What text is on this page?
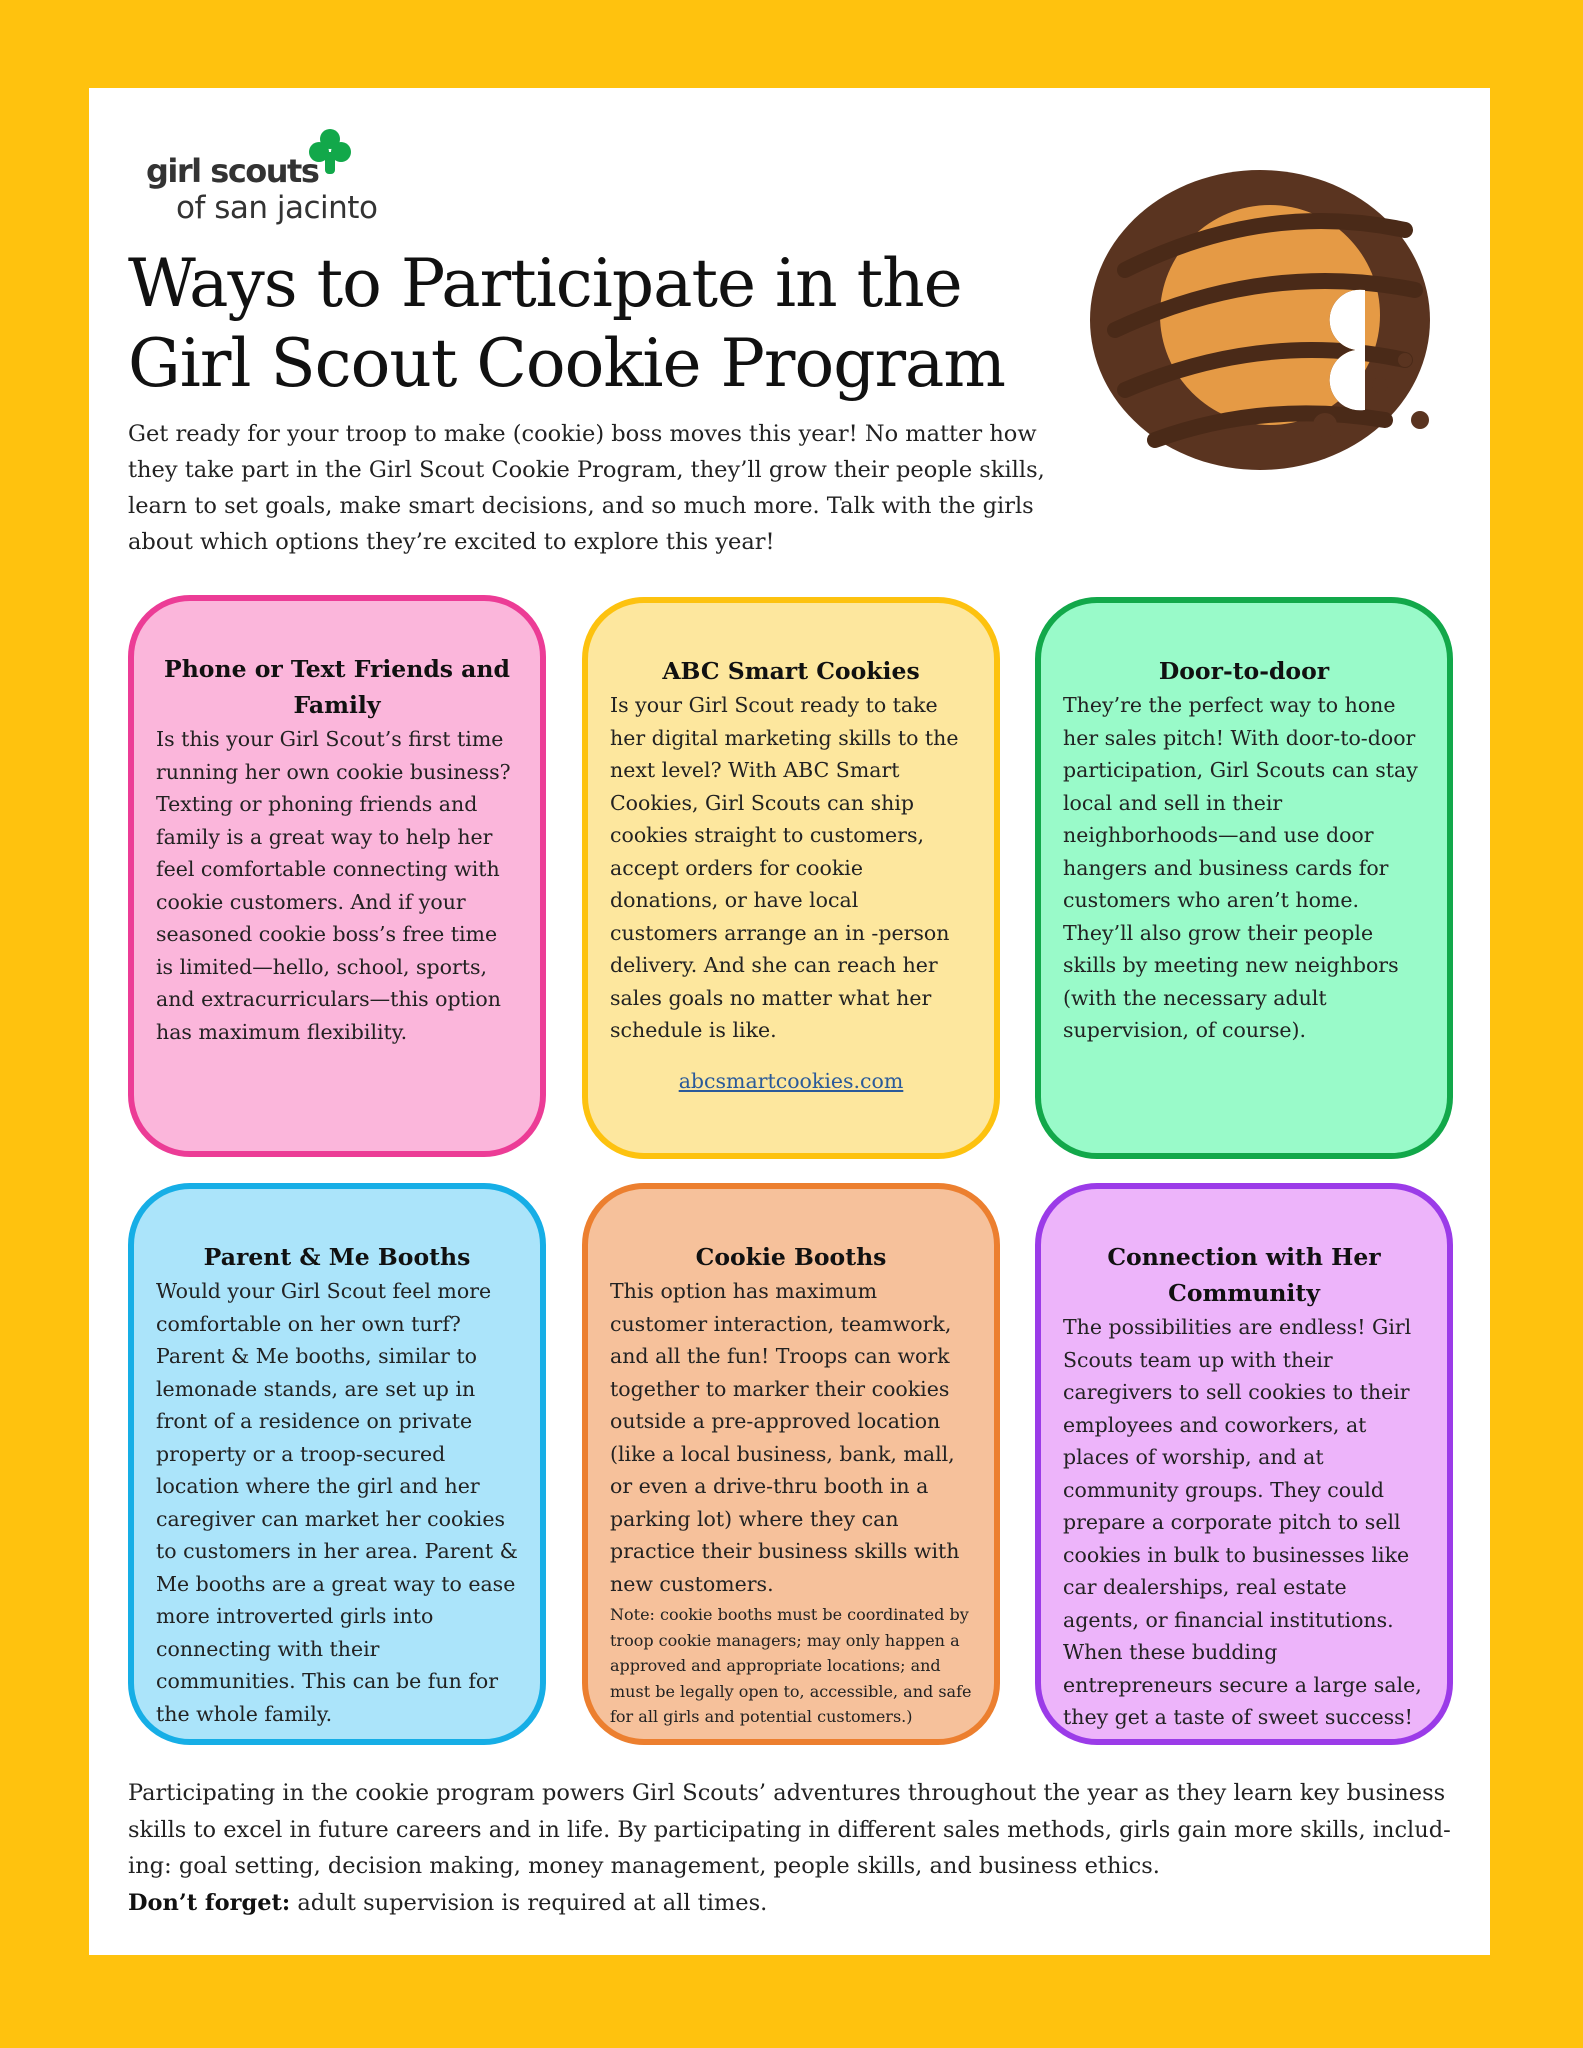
girl scouts
of san jacinto
Ways to Participate in the Girl Scout Cookie Program

Get ready for your troop to make (cookie) boss moves this year! No matter how they take part in the Girl Scout Cookie Program, they’ll grow their people skills, learn to set goals, make smart decisions, and so much more. Talk with the girls about which options they’re excited to explore this year!

Phone or Text Friends and Family

Is this your Girl Scout’s first time running her own cookie business? Texting or phoning friends and family is a great way to help her feel comfortable connecting with cookie customers. And if your seasoned cookie boss’s free time is limited—hello, school, sports, and extracurriculars—this option has maximum flexibility.

ABC Smart Cookies

Is your Girl Scout ready to take her digital marketing skills to the next level? With ABC Smart Cookies, Girl Scouts can ship cookies straight to customers, accept orders for cookie donations, or have local customers arrange an in -person delivery. And she can reach her sales goals no matter what her schedule is like.

abcsmartcookies.com
Door-to-door

They’re the perfect way to hone her sales pitch! With door-to-door participation, Girl Scouts can stay local and sell in their neighborhoods—and use door hangers and business cards for customers who aren’t home. They’ll also grow their people skills by meeting new neighbors (with the necessary adult supervision, of course).

Parent & Me Booths

Would your Girl Scout feel more comfortable on her own turf? Parent & Me booths, similar to lemonade stands, are set up in front of a residence on private property or a troop-secured location where the girl and her caregiver can market her cookies to customers in her area. Parent & Me booths are a great way to ease more introverted girls into connecting with their communities. This can be fun for the whole family.

Cookie Booths

This option has maximum customer interaction, teamwork, and all the fun! Troops can work together to marker their cookies outside a pre-approved location (like a local business, bank, mall, or even a drive-thru booth in a parking lot) where they can practice their business skills with new customers.

Note: cookie booths must be coordinated by troop cookie managers; may only happen a approved and appropriate locations; and must be legally open to, accessible, and safe for all girls and potential customers.)

Connection with Her Community

The possibilities are endless! Girl Scouts team up with their caregivers to sell cookies to their employees and coworkers, at places of worship, and at community groups. They could prepare a corporate pitch to sell cookies in bulk to businesses like car dealerships, real estate agents, or financial institutions. When these budding entrepreneurs secure a large sale, they get a taste of sweet success!

Participating in the cookie program powers Girl Scouts’ adventures throughout the year as they learn key business skills to excel in future careers and in life. By participating in different sales methods, girls gain more skills, includ- ing: goal setting, decision making, money management, people skills, and business ethics.
Don’t forget: adult supervision is required at all times.
